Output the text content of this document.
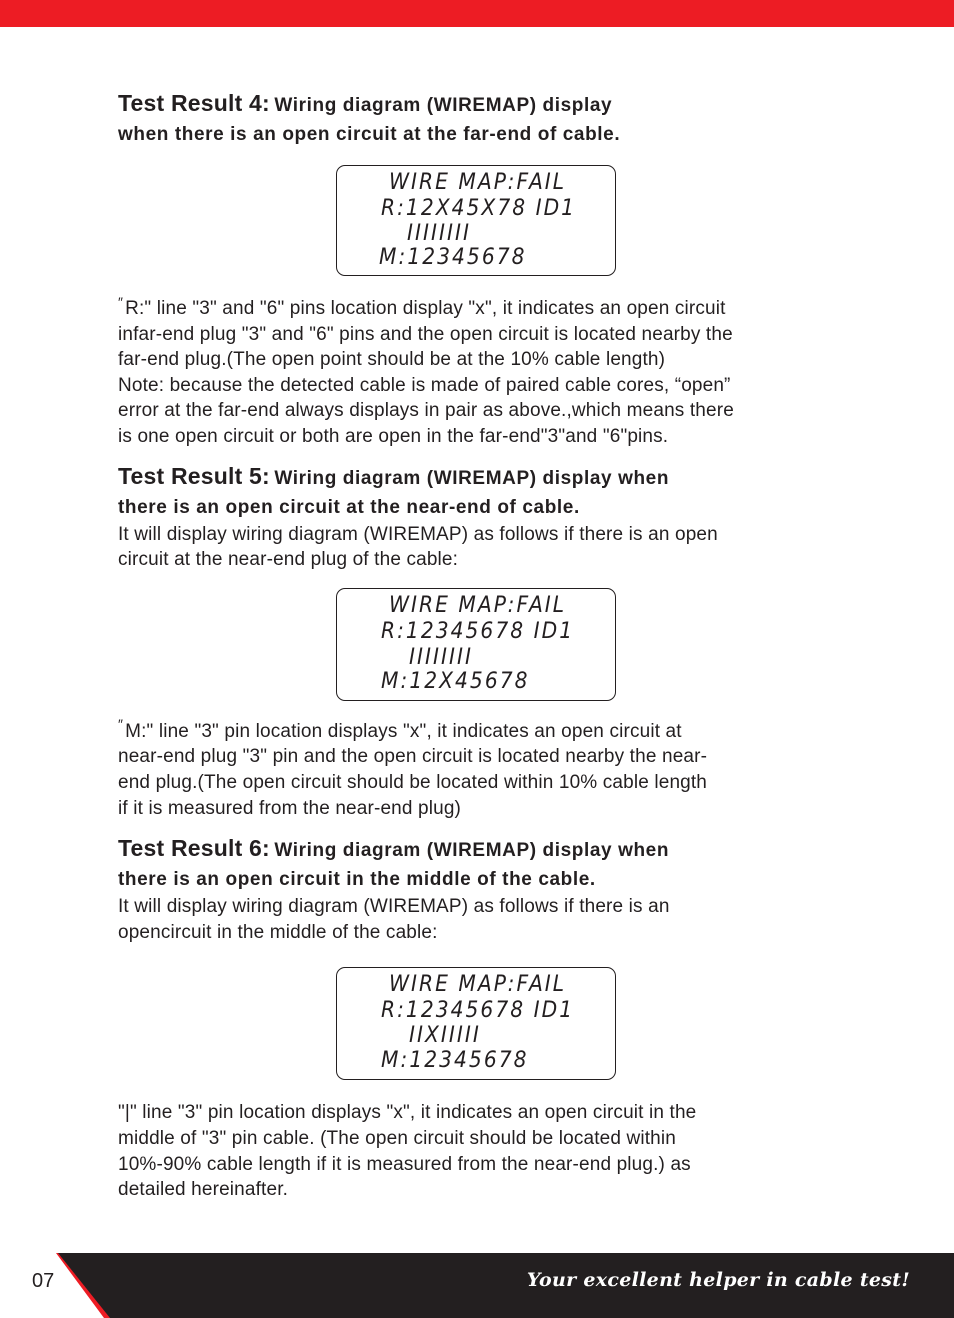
Test Result 4: Wiring diagram (WIREMAP) display

when there is an open circuit at the far-end of cable.

WIRE MAP:FAIL
R:12X45X78 ID1
IIIIIIII
M:12345678

″ R:" line "3" and "6" pins location display "x", it indicates an open circuit

infar-end plug "3" and "6" pins and the open circuit is located nearby the

far-end plug.(The open point should be at the 10% cable length)

Note: because the detected cable is made of paired cable cores, “open”

error at the far-end always displays in pair as above.,which means there

is one open circuit or both are open in the far-end"3"and "6"pins.

Test Result 5: Wiring diagram (WIREMAP) display when

there is an open circuit at the near-end of cable.

It will display wiring diagram (WIREMAP) as follows if there is an open

circuit at the near-end plug of the cable:

WIRE MAP:FAIL
R:12345678 ID1
IIIIIIII
M:12X45678

″ M:" line "3" pin location displays "x", it indicates an open circuit at

near-end plug "3" pin and the open circuit is located nearby the near-

end plug.(The open circuit should be located within 10% cable length

if it is measured from the near-end plug)

Test Result 6: Wiring diagram (WIREMAP) display when

there is an open circuit in the middle of the cable.

It will display wiring diagram (WIREMAP) as follows if there is an

opencircuit in the middle of the cable:

WIRE MAP:FAIL
R:12345678 ID1
IIXIIIII
M:12345678

"|" line "3" pin location displays "x", it indicates an open circuit in the

middle of "3" pin cable. (The open circuit should be located within

10%-90% cable length if it is measured from the near-end plug.) as

detailed hereinafter.

07	Your excellent helper in cable test!
